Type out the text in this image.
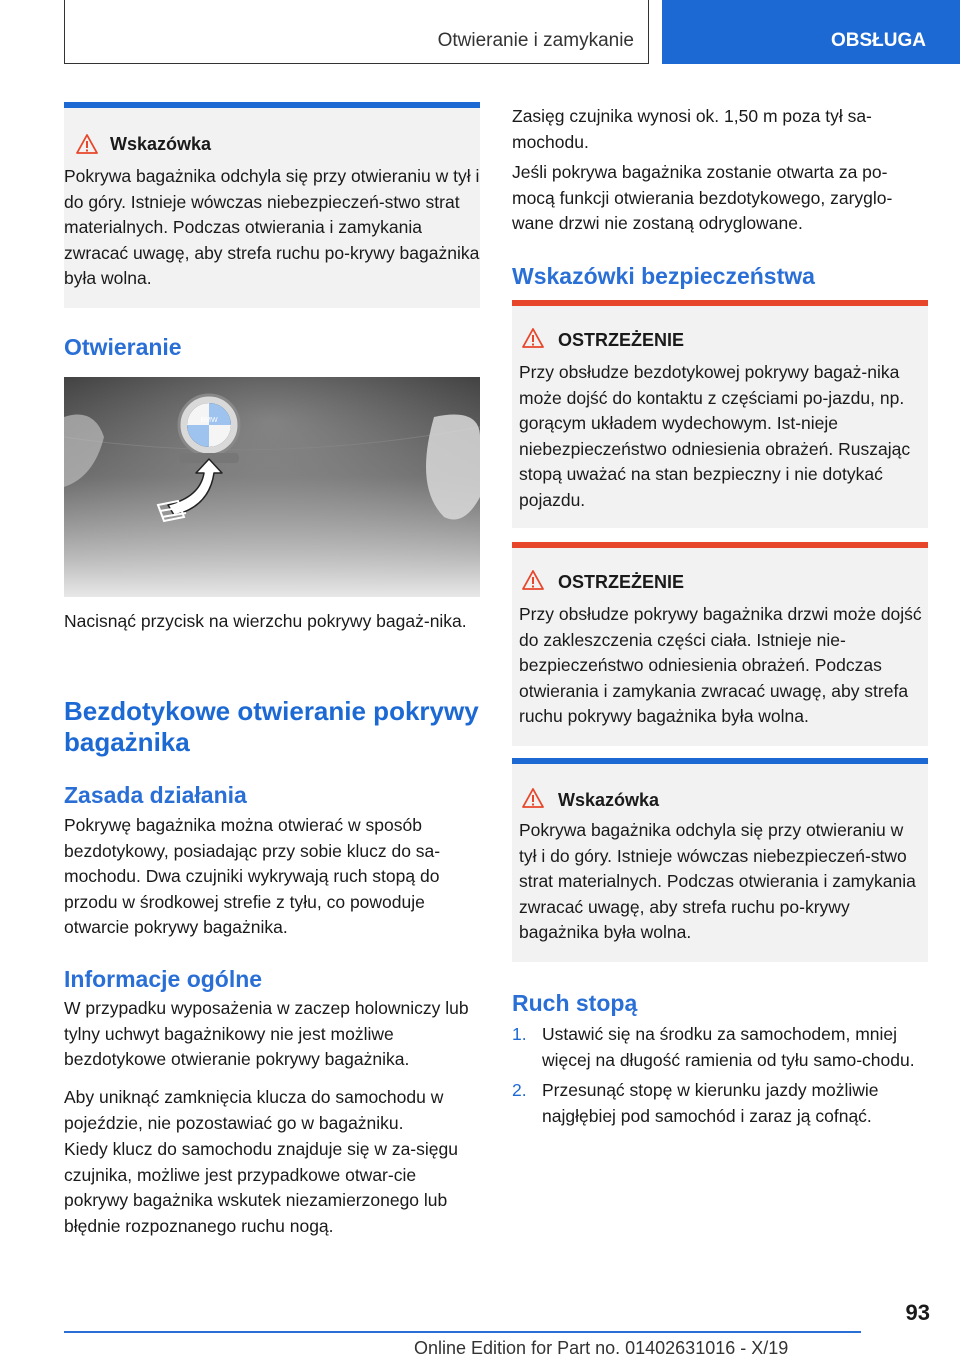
Otwieranie i zamykanie	OBSŁUGA
Wskazówka
Pokrywa bagażnika odchyla się przy otwieraniu w tył i do góry. Istnieje wówczas niebezpieczeń-stwo strat materialnych. Podczas otwierania i zamykania zwracać uwagę, aby strefa ruchu po-krywy bagażnika była wolna.
Otwieranie
BMW

Nacisnąć przycisk na wierzchu pokrywy bagaż-nika.

Bezdotykowe otwieranie pokrywy bagażnika
Zasada działania

Pokrywę bagażnika można otwierać w sposób bezdotykowy, posiadając przy sobie klucz do sa-mochodu. Dwa czujniki wykrywają ruch stopą do przodu w środkowej strefie z tyłu, co powoduje otwarcie pokrywy bagażnika.

Informacje ogólne

W przypadku wyposażenia w zaczep holowniczy lub tylny uchwyt bagażnikowy nie jest możliwe bezdotykowe otwieranie pokrywy bagażnika.

Aby uniknąć zamknięcia klucza do samochodu w pojeździe, nie pozostawiać go w bagażniku.

Kiedy klucz do samochodu znajduje się w za-sięgu czujnika, możliwe jest przypadkowe otwar-cie pokrywy bagażnika wskutek niezamierzonego lub błędnie rozpoznanego ruchu nogą.

Zasięg czujnika wynosi ok. 1,50 m poza tył sa-mochodu.

Jeśli pokrywa bagażnika zostanie otwarta za po-mocą funkcji otwierania bezdotykowego, zaryglo-wane drzwi nie zostaną odryglowane.

Wskazówki bezpieczeństwa
OSTRZEŻENIE
Przy obsłudze bezdotykowej pokrywy bagaż-nika może dojść do kontaktu z częściami po-jazdu, np. gorącym układem wydechowym. Ist-nieje niebezpieczeństwo odniesienia obrażeń. Ruszając stopą uważać na stan bezpieczny i nie dotykać pojazdu.
OSTRZEŻENIE
Przy obsłudze pokrywy bagażnika drzwi może dojść do zakleszczenia części ciała. Istnieje nie-bezpieczeństwo odniesienia obrażeń. Podczas otwierania i zamykania zwracać uwagę, aby strefa ruchu pokrywy bagażnika była wolna.
Wskazówka
Pokrywa bagażnika odchyla się przy otwieraniu w tył i do góry. Istnieje wówczas niebezpieczeń-stwo strat materialnych. Podczas otwierania i zamykania zwracać uwagę, aby strefa ruchu po-krywy bagażnika była wolna.
Ruch stopą
1. Ustawić się na środku za samochodem, mniej więcej na długość ramienia od tyłu samo-chodu.
2. Przesunąć stopę w kierunku jazdy możliwie najgłębiej pod samochód i zaraz ją cofnąć.
93
Online Edition for Part no. 01402631016 - X/19
